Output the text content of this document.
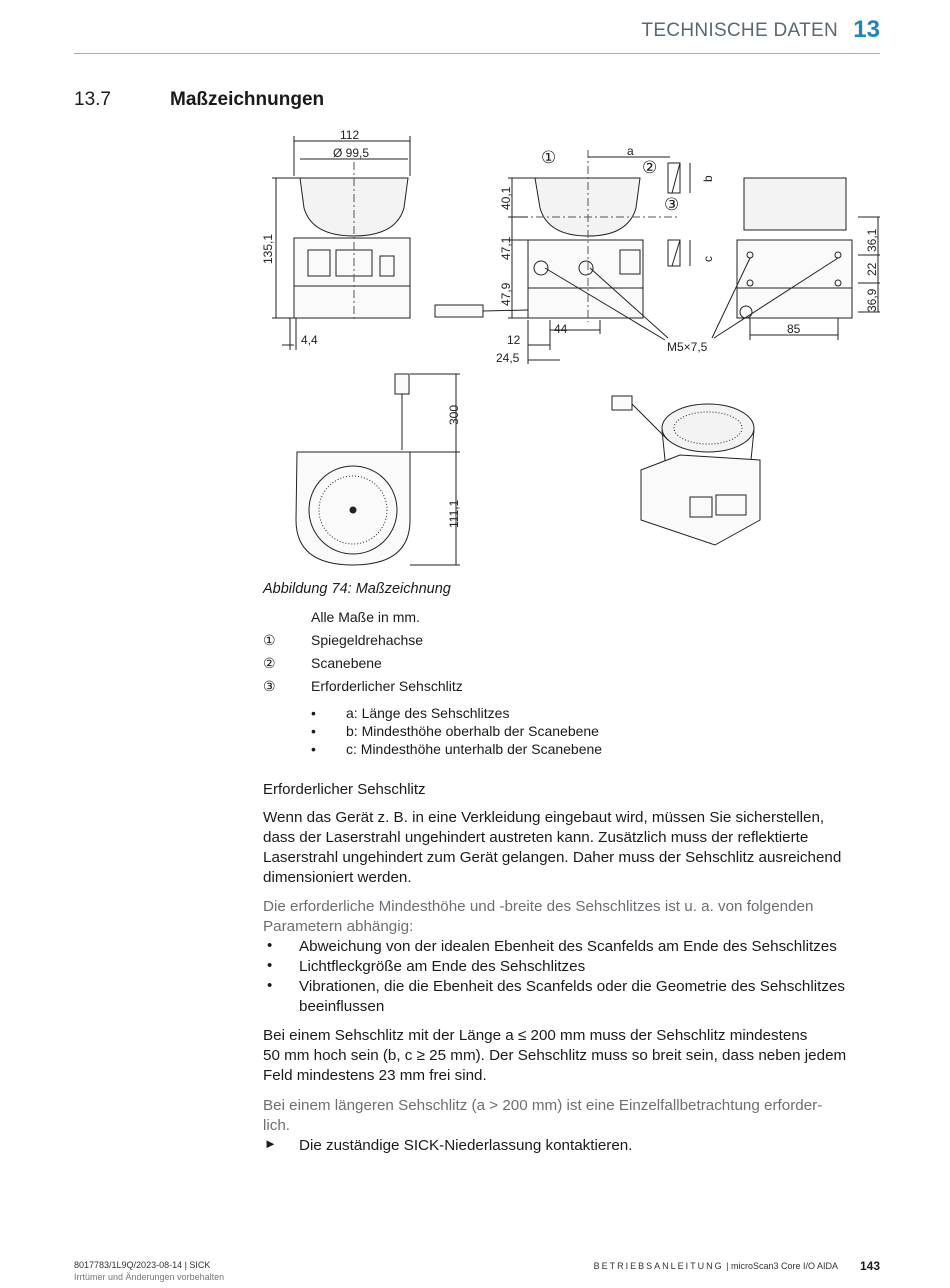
TECHNISCHE DATEN 13
13.7	Maßzeichnungen
112
Ø 99,5
135,1
4,4
40,1
47,1
47,9
12
44
24,5
a
b
c
①
②
③
36,1
22
36,9
85
M5×7,5
300
111,1
Abbildung 74: Maßzeichnung
Alle Maße in mm.
①	Spiegeldrehachse
②	Scanebene
③	Erforderlicher Sehschlitz
• a: Länge des Sehschlitzes
• b: Mindesthöhe oberhalb der Scanebene
• c: Mindesthöhe unterhalb der Scanebene
Erforderlicher Sehschlitz
Wenn das Gerät z. B. in eine Verkleidung eingebaut wird, müssen Sie sicherstellen,
dass der Laserstrahl ungehindert austreten kann. Zusätzlich muss der reflektierte
Laserstrahl ungehindert zum Gerät gelangen. Daher muss der Sehschlitz ausreichend
dimensioniert werden.
Die erforderliche Mindesthöhe und -breite des Sehschlitzes ist u. a. von folgenden
Parametern abhängig:
• Abweichung von der idealen Ebenheit des Scanfelds am Ende des Sehschlitzes
• Lichtfleckgröße am Ende des Sehschlitzes
• Vibrationen, die die Ebenheit des Scanfelds oder die Geometrie des Sehschlitzes beeinflussen
Bei einem Sehschlitz mit der Länge a ≤ 200 mm muss der Sehschlitz mindestens
50 mm hoch sein (b, c ≥ 25 mm). Der Sehschlitz muss so breit sein, dass neben jedem
Feld mindestens 23 mm frei sind.
Bei einem längeren Sehschlitz (a > 200 mm) ist eine Einzelfallbetrachtung erforder-
lich.
► Die zuständige SICK-Niederlassung kontaktieren.
8017783/1L9Q/2023-08-14 | SICK
Irrtümer und Änderungen vorbehalten
BETRIEBSANLEITUNG | microScan3 Core I/O AIDA 143
